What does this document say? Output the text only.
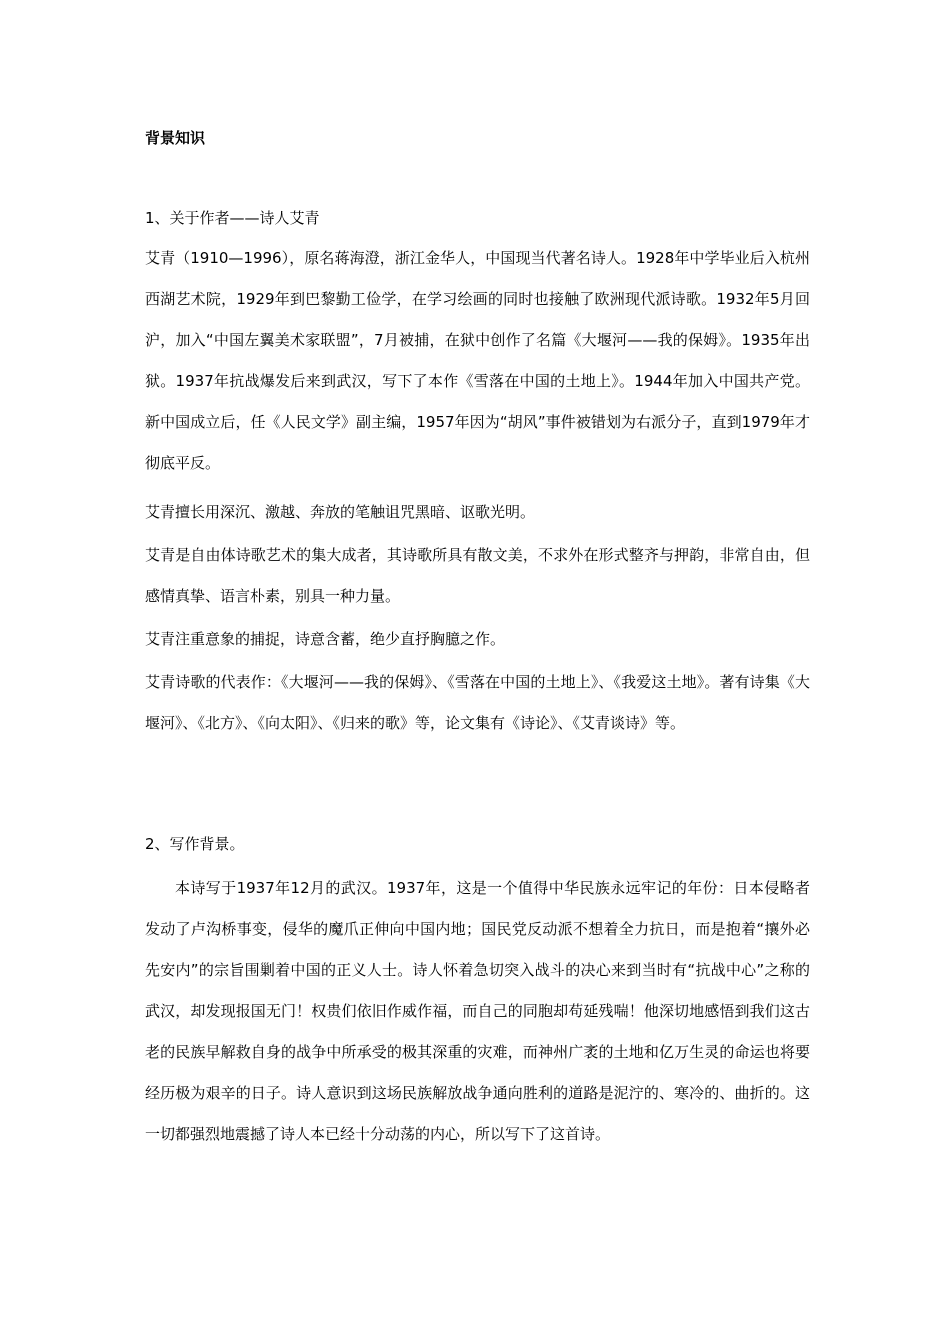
背景知识
1、关于作者——诗人艾青
艾青（1910—1996），原名蒋海澄，浙江金华人，中国现当代著名诗人。1928年中学毕业后入杭州西湖艺术院，1929年到巴黎勤工俭学，在学习绘画的同时也接触了欧洲现代派诗歌。1932年5月回沪，加入“中国左翼美术家联盟”，7月被捕，在狱中创作了名篇《大堰河——我的保姆》。1935年出狱。1937年抗战爆发后来到武汉，写下了本作《雪落在中国的土地上》。1944年加入中国共产党。新中国成立后，任《人民文学》副主编，1957年因为“胡风”事件被错划为右派分子，直到1979年才彻底平反。
艾青擅长用深沉、激越、奔放的笔触诅咒黑暗、讴歌光明。
艾青是自由体诗歌艺术的集大成者，其诗歌所具有散文美，不求外在形式整齐与押韵，非常自由，但感情真挚、语言朴素，别具一种力量。
艾青注重意象的捕捉，诗意含蓄，绝少直抒胸臆之作。
艾青诗歌的代表作：《大堰河——我的保姆》、《雪落在中国的土地上》、《我爱这土地》。著有诗集《大堰河》、《北方》、《向太阳》、《归来的歌》等，论文集有《诗论》、《艾青谈诗》等。
2、写作背景。
本诗写于1937年12月的武汉。1937年，这是一个值得中华民族永远牢记的年份：日本侵略者发动了卢沟桥事变，侵华的魔爪正伸向中国内地；国民党反动派不想着全力抗日，而是抱着“攘外必先安内”的宗旨围剿着中国的正义人士。诗人怀着急切突入战斗的决心来到当时有“抗战中心”之称的武汉，却发现报国无门！权贵们依旧作威作福，而自己的同胞却苟延残喘！他深切地感悟到我们这古老的民族早解救自身的战争中所承受的极其深重的灾难，而神州广袤的土地和亿万生灵的命运也将要经历极为艰辛的日子。诗人意识到这场民族解放战争通向胜利的道路是泥泞的、寒冷的、曲折的。这一切都强烈地震撼了诗人本已经十分动荡的内心，所以写下了这首诗。
